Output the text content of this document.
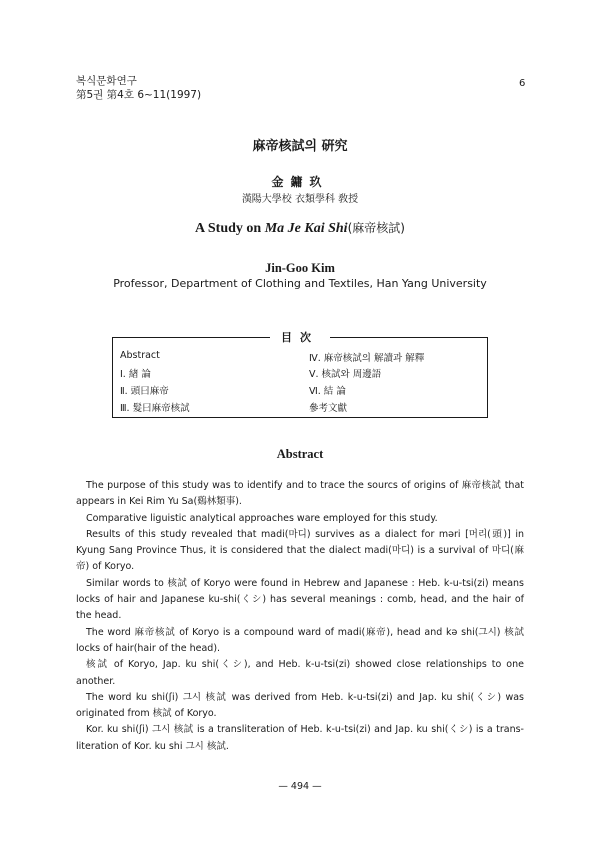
복식문화연구
第5권 第4호 6~11(1997)
6
麻帝核試의 硏究
金鏞玖
漢陽大學校 衣類學科 敎授
A Study on Ma Je Kai Shi(麻帝核試)
Jin-Goo Kim
Professor, Department of Clothing and Textiles, Han Yang University
目次
Abstract
Ⅰ. 緖 論
Ⅱ. 頭曰麻帝
Ⅲ. 髮曰麻帝核試
Ⅳ. 麻帝核試의 解讀과 解釋
Ⅴ. 核試와 周邊語
Ⅵ. 結 論
參考文獻
Abstract

The purpose of this study was to identify and to trace the sourcs of origins of 麻帝核試 that appears in Kei Rim Yu Sa(鷄林類事).

Comparative liguistic analytical approaches ware employed for this study.

Results of this study revealed that madi(마디) survives as a dialect for mǝri [머리(頭)] in Kyung Sang Province Thus, it is considered that the dialect madi(마디) is a survival of 마디(麻帝) of Koryo.

Similar words to 核試 of Koryo were found in Hebrew and Japanese : Heb. k-u-tsi(zi) means locks of hair and Japanese ku-shi(くシ) has several meanings : comb, head, and the hair of the head.

The word 麻帝核試 of Koryo is a compound ward of madi(麻帝), head and kǝ shi(그시) 核試 locks of hair(hair of the head).

核試 of Koryo, Jap. ku shi(くシ), and Heb. k-u-tsi(zi) showed close relationships to one another.

The word ku shi(ʃi) 그시 核試 was derived from Heb. k-u-tsi(zi) and Jap. ku shi(くシ) was originated from 核試 of Koryo.

Kor. ku shi(ʃi) 그시 核試 is a transliteration of Heb. k-u-tsi(zi) and Jap. ku shi(くシ) is a trans-literation of Kor. ku shi 그시 核試.

— 494 —
